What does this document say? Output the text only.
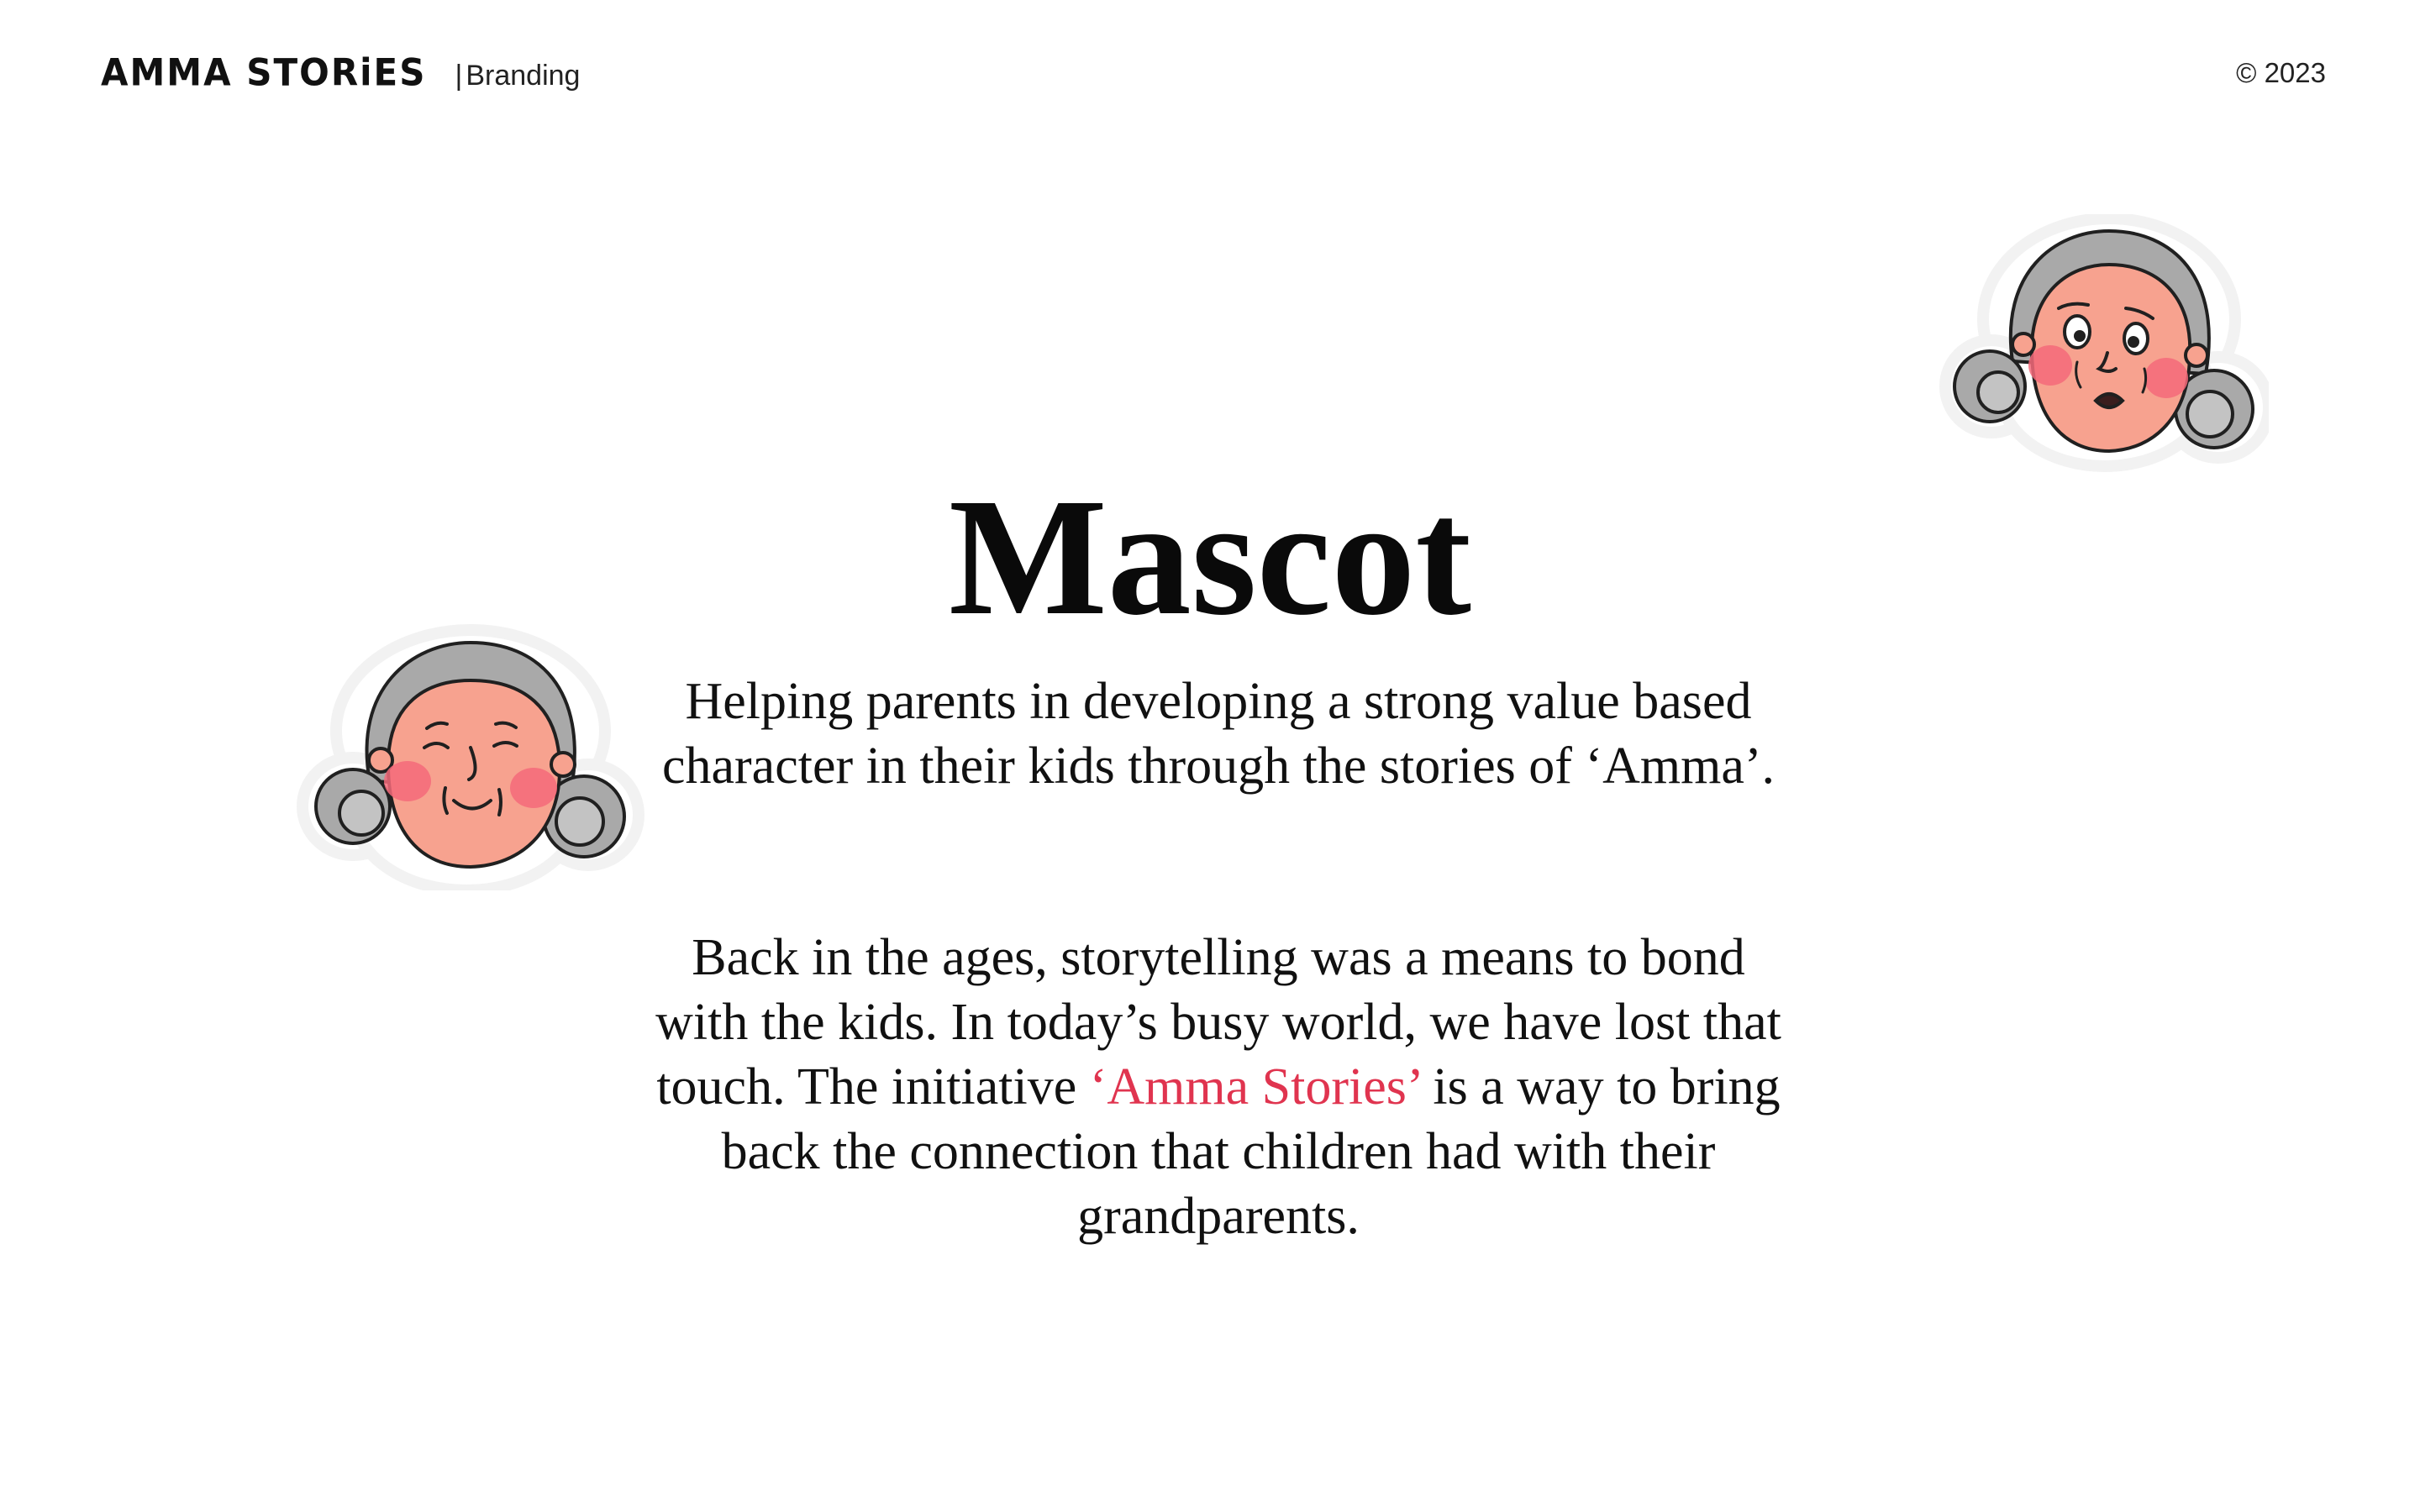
AMMA STORiES
|	Branding	© 2023
Mascot

Helping parents in developing a strong value based character in their kids through the stories of ‘Amma’.

Back in the ages, storytelling was a means to bond with the kids. In today’s busy world, we have lost that touch. The initiative ‘Amma Stories’ is a way to bring back the connection that children had with their grandparents.
